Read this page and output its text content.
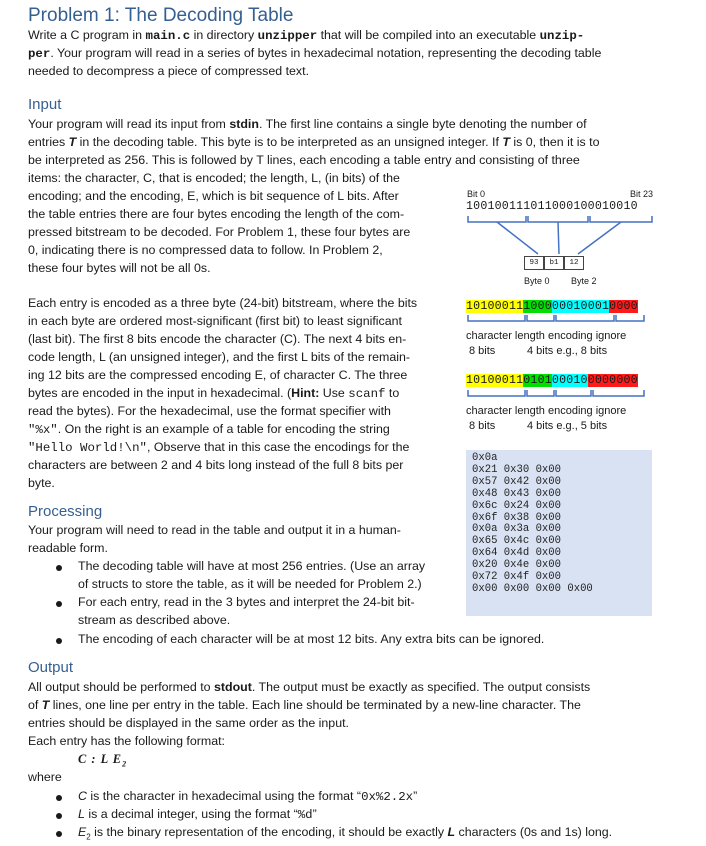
Problem 1: The Decoding Table
Write a C program in main.c in directory unzipper that will be compiled into an executable unzip-
per. Your program will read in a series of bytes in hexadecimal notation, representing the decoding table
needed to decompress a piece of compressed text.
Input
Your program will read its input from stdin. The first line contains a single byte denoting the number of
entries T in the decoding table. This byte is to be interpreted as an unsigned integer. If T is 0, then it is to
be interpreted as 256. This is followed by T lines, each encoding a table entry and consisting of three
items: the character, C, that is encoded; the length, L, (in bits) of the
encoding; and the encoding, E, which is bit sequence of L bits. After
the table entries there are four bytes encoding the length of the com-
pressed bitstream to be decoded. For Problem 1, these four bytes are
0, indicating there is no compressed data to follow. In Problem 2,
these four bytes will not be all 0s.
Each entry is encoded as a three byte (24-bit) bitstream, where the bits
in each byte are ordered most-significant (first bit) to least significant
(last bit). The first 8 bits encode the character (C). The next 4 bits en-
code length, L (an unsigned integer), and the first L bits of the remain-
ing 12 bits are the compressed encoding E, of character C. The three
bytes are encoded in the input in hexadecimal. (Hint: Use scanf to
read the bytes). For the hexadecimal, use the format specifier with
"%x". On the right is an example of a table for encoding the string
"Hello World!\n", Observe that in this case the encodings for the
characters are between 2 and 4 bits long instead of the full 8 bits per
byte.
Bit 0	Bit 23
100100111011000100010010
93	b1	12
Byte 0 Byte 2
101000111000000100010000
character length encoding ignore
8 bits	4 bits e.g., 8 bits
101000110101000100000000
character length encoding ignore
8 bits	4 bits e.g., 5 bits
0x0a
0x21 0x30 0x00
0x57 0x42 0x00
0x48 0x43 0x00
0x6c 0x24 0x00
0x6f 0x38 0x00
0x0a 0x3a 0x00
0x65 0x4c 0x00
0x64 0x4d 0x00
0x20 0x4e 0x00
0x72 0x4f 0x00
0x00 0x00 0x00 0x00
Processing
Your program will need to read in the table and output it in a human-
readable form.
The decoding table will have at most 256 entries. (Use an array
of structs to store the table, as it will be needed for Problem 2.)
For each entry, read in the 3 bytes and interpret the 24-bit bit-
stream as described above.
The encoding of each character will be at most 12 bits. Any extra bits can be ignored.
Output
All output should be performed to stdout. The output must be exactly as specified. The output consists
of T lines, one line per entry in the table. Each line should be terminated by a new-line character. The
entries should be displayed in the same order as the input.
Each entry has the following format:
C : L $E_2$
where
C is the character in hexadecimal using the format “0x%2.2x”
L is a decimal integer, using the format “%d”
$E_2$ is the binary representation of the encoding, it should be exactly L characters (0s and 1s) long.
